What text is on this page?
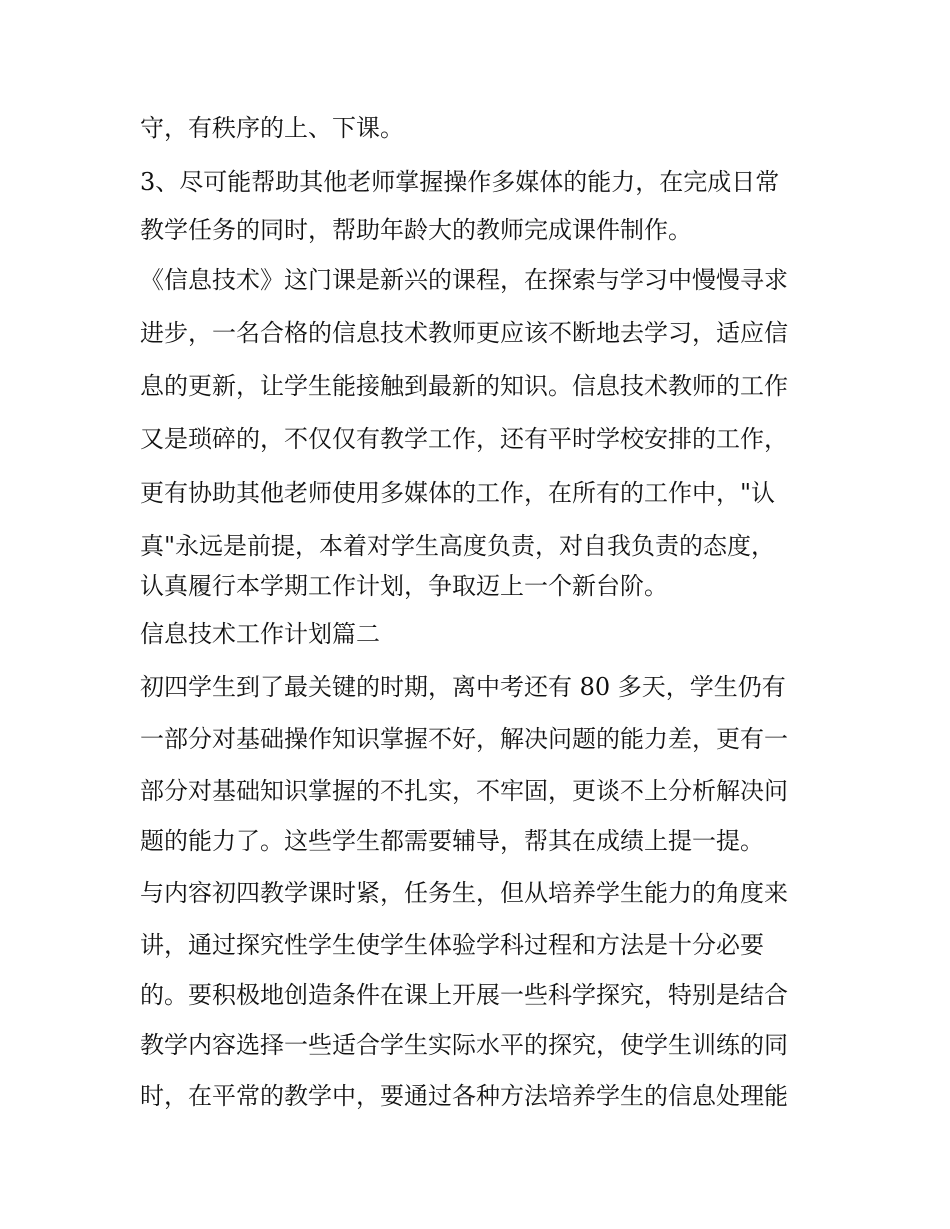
守，有秩序的上、下课。
3、尽可能帮助其他老师掌握操作多媒体的能力，在完成日常
教学任务的同时，帮助年龄大的教师完成课件制作。
《信息技术》这门课是新兴的课程，在探索与学习中慢慢寻求
进步，一名合格的信息技术教师更应该不断地去学习，适应信
息的更新，让学生能接触到最新的知识。信息技术教师的工作
又是琐碎的，不仅仅有教学工作，还有平时学校安排的工作，
更有协助其他老师使用多媒体的工作，在所有的工作中，"认
真"永远是前提，本着对学生高度负责，对自我负责的态度，
认真履行本学期工作计划，争取迈上一个新台阶。
信息技术工作计划篇二
初四学生到了最关键的时期，离中考还有 80 多天，学生仍有
一部分对基础操作知识掌握不好，解决问题的能力差，更有一
部分对基础知识掌握的不扎实，不牢固，更谈不上分析解决问
题的能力了。这些学生都需要辅导，帮其在成绩上提一提。
与内容初四教学课时紧，任务生，但从培养学生能力的角度来
讲，通过探究性学生使学生体验学科过程和方法是十分必要
的。要积极地创造条件在课上开展一些科学探究，特别是结合
教学内容选择一些适合学生实际水平的探究，使学生训练的同
时，在平常的教学中，要通过各种方法培养学生的信息处理能
